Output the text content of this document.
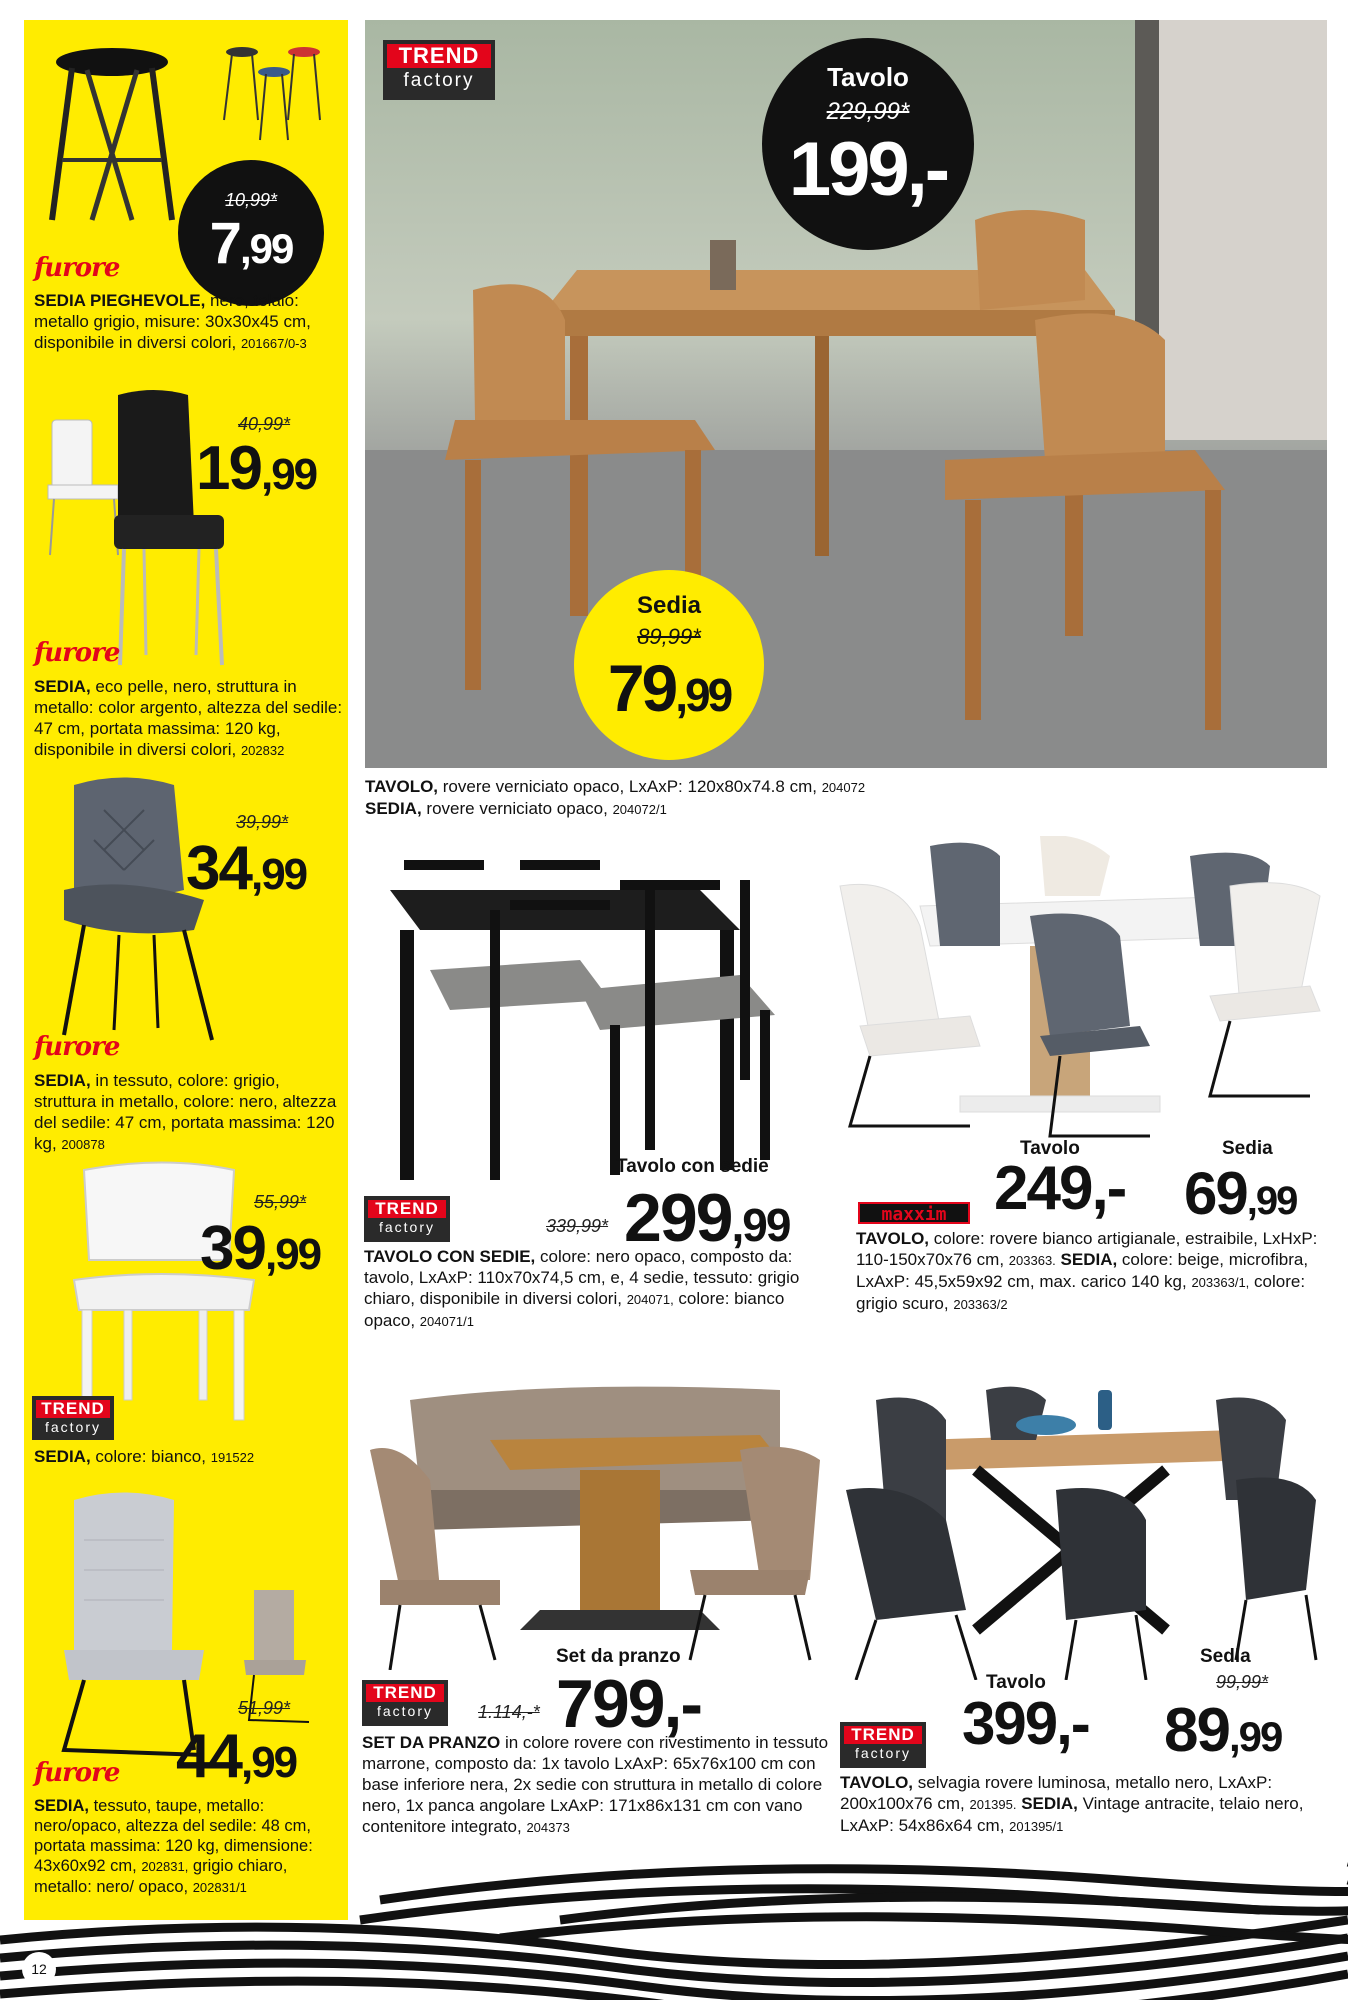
10,99*
7,99
furore
SEDIA PIEGHEVOLE, nero, telaio: metallo grigio, misure: 30x30x45 cm, disponibile in diversi colori, 201667/0-3
40,99*
19,99
furore
SEDIA, eco pelle, nero, struttura in metallo: color argento, altezza del sedile: 47 cm, portata massima: 120 kg, disponibile in diversi colori, 202832
39,99*
34,99
furore
SEDIA, in tessuto, colore: grigio, struttura in metallo, colore: nero, altezza del sedile: 47 cm, portata massima: 120 kg, 200878
55,99*
39,99
TREND
factory
SEDIA, colore: bianco, 191522
51,99*
44,99
furore
SEDIA, tessuto, taupe, metallo: nero/opaco, altezza del sedile: 48 cm, portata massima: 120 kg, dimensione: 43x60x92 cm, 202831, grigio chiaro, metallo: nero/ opaco, 202831/1
TREND
factory	Tavolo
229,99*
199,-
Sedia
89,99*
79,99
TAVOLO, rovere verniciato opaco, LxAxP: 120x80x74.8 cm, 204072
SEDIA, rovere verniciato opaco, 204072/1
Tavolo con sedie
TREND
factory	339,99* 299,99
TAVOLO CON SEDIE, colore: nero opaco, composto da: tavolo, LxAxP: 110x70x74,5 cm, e, 4 sedie, tessuto: grigio chiaro, disponibile in diversi colori, 204071, colore: bianco opaco, 204071/1
Tavolo
249,-
Sedia
69,99
maxxim
TAVOLO, colore: rovere bianco artigianale, estraibile, LxHxP: 110-150x70x76 cm, 203363. SEDIA, colore: beige, microfibra, LxAxP: 45,5x59x92 cm, max. carico 140 kg, 203363/1, colore: grigio scuro, 203363/2
Set da pranzo
TREND
factory	1.114,-* 799,-
SET DA PRANZO in colore rovere con rivestimento in tessuto marrone, composto da: 1x tavolo LxAxP: 65x76x100 cm con base inferiore nera, 2x sedie con struttura in metallo di colore nero, 1x panca angolare LxAxP: 171x86x131 cm con vano contenitore integrato, 204373
Tavolo
399,-
Sedia
99,99*
89,99
TREND
factory
TAVOLO, selvagia rovere luminosa, metallo nero, LxAxP: 200x100x76 cm, 201395. SEDIA, Vintage antracite, telaio nero, LxAxP: 54x86x64 cm, 201395/1
12
